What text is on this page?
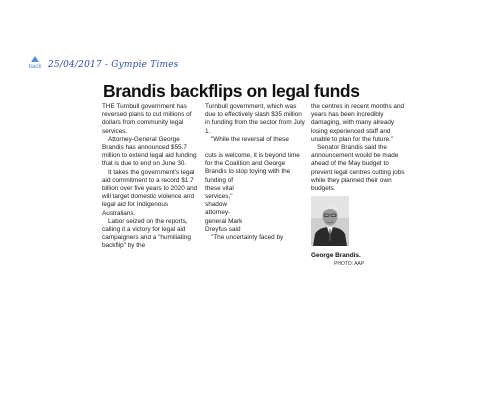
back 25/04/2017 - Gympie Times
Brandis backflips on legal funds

THE Turnbull government has reversed plans to cut millions of dollars from community legal services.

Attorney-General George Brandis has announced $55.7 million to extend legal aid funding that is due to end on June 30.

It takes the government's legal aid commitment to a record $1.7 billion over five years to 2020 and will target domestic violence and legal aid for Indigenous Australians.

Labor seized on the reports, calling it a victory for legal aid campaigners and a "humiliating backflip" by the

Turnbull government, which was due to effectively slash $35 million in funding from the sector from July 1.

"While the reversal of these

cuts is welcome, it is beyond time for the Coalition and George Brandis to stop toying with the

funding of these vital services," shadow attorney-general Mark Dreyfus said

"The uncertainty faced by

the centres in recent months and years has been incredibly damaging, with many already losing experienced staff and unable to plan for the future."

Senator Brandis said the announcement would be made ahead of the May budget to prevent legal centres cutting jobs while they planned their own budgets.

George Brandis.
PHOTO: AAP
